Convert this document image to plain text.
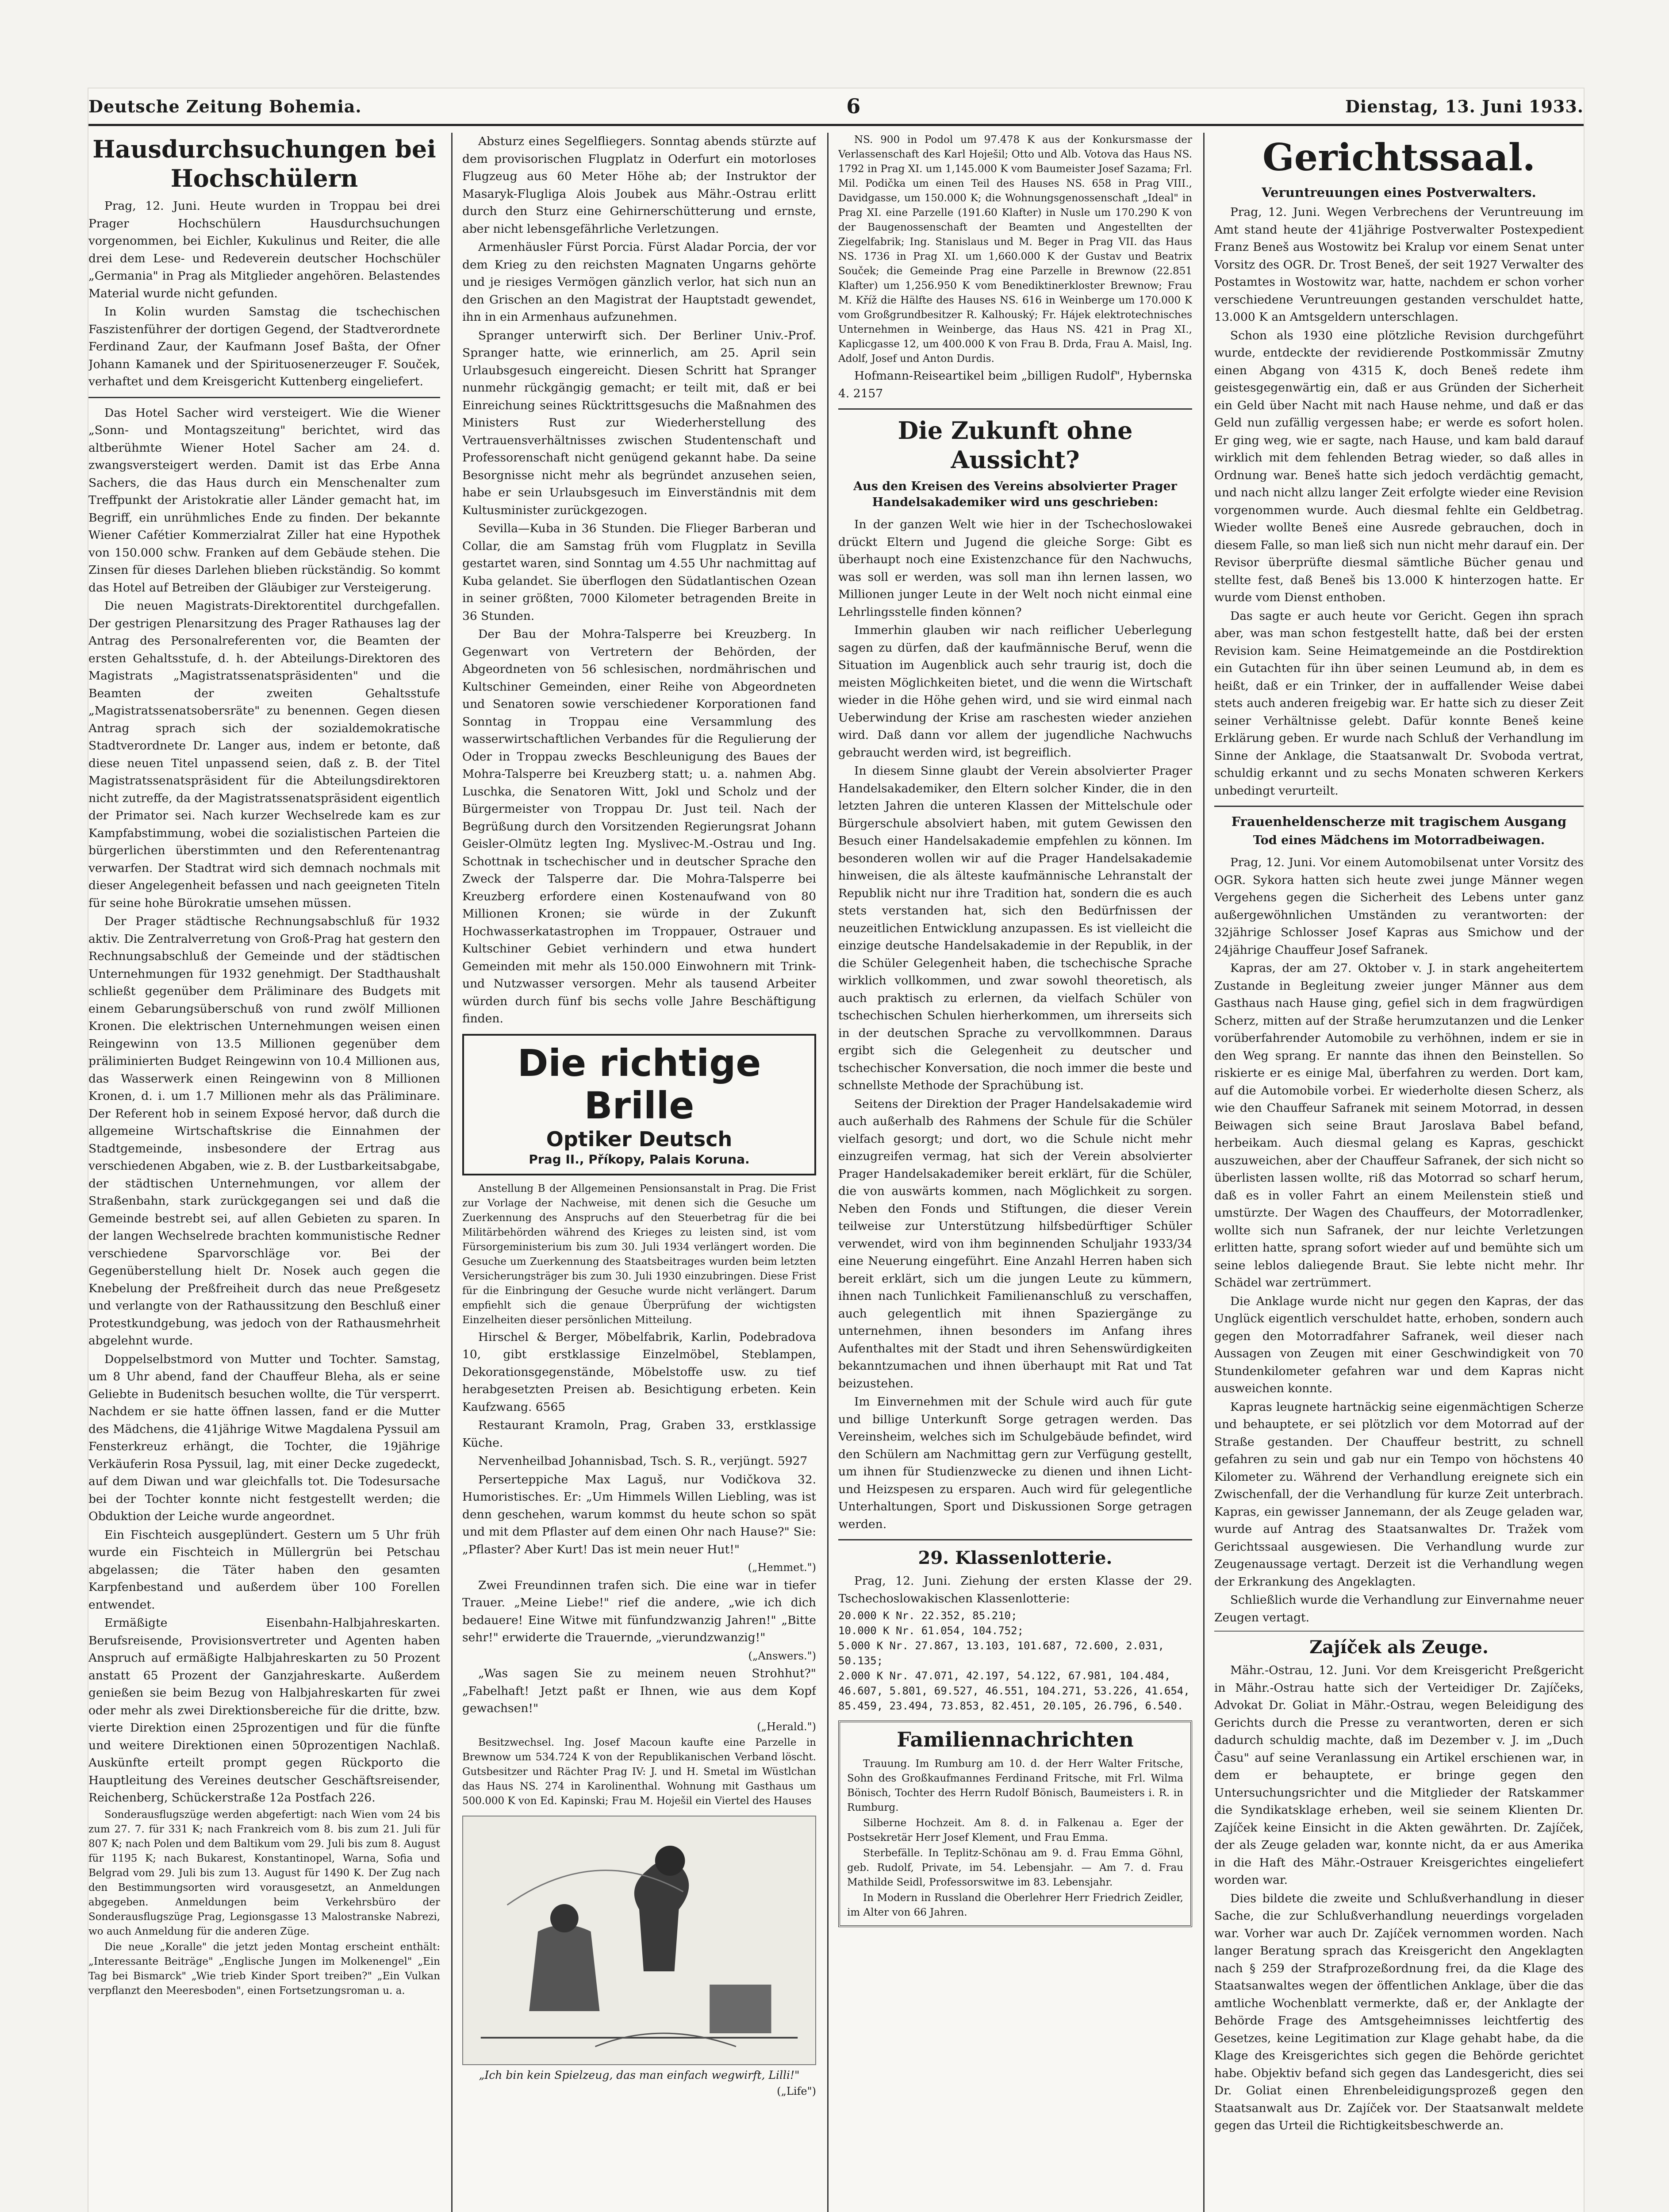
Deutsche Zeitung Bohemia.	6	Dienstag, 13. Juni 1933.
Hausdurchsuchungen bei Hochschülern

Prag, 12. Juni. Heute wurden in Troppau bei drei Prager Hochschülern Hausdurchsuchungen vorgenommen, bei Eichler, Kukulinus und Reiter, die alle drei dem Lese- und Redeverein deutscher Hochschüler „Germania" in Prag als Mitglieder angehören. Belastendes Material wurde nicht gefunden.

In Kolin wurden Samstag die tschechischen Faszistenführer der dortigen Gegend, der Stadtverordnete Ferdinand Zaur, der Kaufmann Josef Bašta, der Ofner Johann Kamanek und der Spirituosenerzeuger F. Souček, verhaftet und dem Kreisgericht Kuttenberg eingeliefert.

Das Hotel Sacher wird versteigert. Wie die Wiener „Sonn- und Montagszeitung" berichtet, wird das altberühmte Wiener Hotel Sacher am 24. d. zwangsversteigert werden. Damit ist das Erbe Anna Sachers, die das Haus durch ein Menschenalter zum Treffpunkt der Aristokratie aller Länder gemacht hat, im Begriff, ein unrühmliches Ende zu finden. Der bekannte Wiener Cafétier Kommerzialrat Ziller hat eine Hypothek von 150.000 schw. Franken auf dem Gebäude stehen. Die Zinsen für dieses Darlehen blieben rückständig. So kommt das Hotel auf Betreiben der Gläubiger zur Versteigerung.

Die neuen Magistrats-Direktorentitel durchgefallen. Der gestrigen Plenarsitzung des Prager Rathauses lag der Antrag des Personalreferenten vor, die Beamten der ersten Gehaltsstufe, d. h. der Abteilungs-Direktoren des Magistrats „Magistratssenatspräsidenten" und die Beamten der zweiten Gehaltsstufe „Magistratssenatsobersräte" zu benennen. Gegen diesen Antrag sprach sich der sozialdemokratische Stadtverordnete Dr. Langer aus, indem er betonte, daß diese neuen Titel unpassend seien, daß z. B. der Titel Magistratssenatspräsident für die Abteilungsdirektoren nicht zutreffe, da der Magistratssenatspräsident eigentlich der Primator sei. Nach kurzer Wechselrede kam es zur Kampfabstimmung, wobei die sozialistischen Parteien die bürgerlichen überstimmten und den Referentenantrag verwarfen. Der Stadtrat wird sich demnach nochmals mit dieser Angelegenheit befassen und nach geeigneten Titeln für seine hohe Bürokratie umsehen müssen.

Der Prager städtische Rechnungsabschluß für 1932 aktiv. Die Zentralverretung von Groß-Prag hat gestern den Rechnungsabschluß der Gemeinde und der städtischen Unternehmungen für 1932 genehmigt. Der Stadthaushalt schließt gegenüber dem Präliminare des Budgets mit einem Gebarungsüberschuß von rund zwölf Millionen Kronen. Die elektrischen Unternehmungen weisen einen Reingewinn von 13.5 Millionen gegenüber dem präliminierten Budget Reingewinn von 10.4 Millionen aus, das Wasserwerk einen Reingewinn von 8 Millionen Kronen, d. i. um 1.7 Millionen mehr als das Präliminare. Der Referent hob in seinem Exposé hervor, daß durch die allgemeine Wirtschaftskrise die Einnahmen der Stadtgemeinde, insbesondere der Ertrag aus verschiedenen Abgaben, wie z. B. der Lustbarkeitsabgabe, der städtischen Unternehmungen, vor allem der Straßenbahn, stark zurückgegangen sei und daß die Gemeinde bestrebt sei, auf allen Gebieten zu sparen. In der langen Wechselrede brachten kommunistische Redner verschiedene Sparvorschläge vor. Bei der Gegenüberstellung hielt Dr. Nosek auch gegen die Knebelung der Preßfreiheit durch das neue Preßgesetz und verlangte von der Rathaussitzung den Beschluß einer Protestkundgebung, was jedoch von der Rathausmehrheit abgelehnt wurde.

Doppelselbstmord von Mutter und Tochter. Samstag, um 8 Uhr abend, fand der Chauffeur Bleha, als er seine Geliebte in Budenitsch besuchen wollte, die Tür versperrt. Nachdem er sie hatte öffnen lassen, fand er die Mutter des Mädchens, die 41jährige Witwe Magdalena Pyssuil am Fensterkreuz erhängt, die Tochter, die 19jährige Verkäuferin Rosa Pyssuil, lag, mit einer Decke zugedeckt, auf dem Diwan und war gleichfalls tot. Die Todesursache bei der Tochter konnte nicht festgestellt werden; die Obduktion der Leiche wurde angeordnet.

Ein Fischteich ausgeplündert. Gestern um 5 Uhr früh wurde ein Fischteich in Müllergrün bei Petschau abgelassen; die Täter haben den gesamten Karpfenbestand und außerdem über 100 Forellen entwendet.

Ermäßigte Eisenbahn-Halbjahreskarten. Berufsreisende, Provisionsvertreter und Agenten haben Anspruch auf ermäßigte Halbjahreskarten zu 50 Prozent anstatt 65 Prozent der Ganzjahreskarte. Außerdem genießen sie beim Bezug von Halbjahreskarten für zwei oder mehr als zwei Direktionsbereiche für die dritte, bzw. vierte Direktion einen 25prozentigen und für die fünfte und weitere Direktionen einen 50prozentigen Nachlaß. Auskünfte erteilt prompt gegen Rückporto die Hauptleitung des Vereines deutscher Geschäftsreisender, Reichenberg, Schückerstraße 12a Postfach 226.

Sonderausflugszüge werden abgefertigt: nach Wien vom 24 bis zum 27. 7. für 331 K; nach Frankreich vom 8. bis zum 21. Juli für 807 K; nach Polen und dem Baltikum vom 29. Juli bis zum 8. August für 1195 K; nach Bukarest, Konstantinopel, Warna, Sofia und Belgrad vom 29. Juli bis zum 13. August für 1490 K. Der Zug nach den Bestimmungsorten wird vorausgesetzt, an Anmeldungen abgegeben. Anmeldungen beim Verkehrsbüro der Sonderausflugszüge Prag, Legionsgasse 13 Malostranske Nabrezi, wo auch Anmeldung für die anderen Züge.

Die neue „Koralle" die jetzt jeden Montag erscheint enthält: „Interessante Beiträge" „Englische Jungen im Molkenengel" „Ein Tag bei Bismarck" „Wie trieb Kinder Sport treiben?" „Ein Vulkan verpflanzt den Meeresboden", einen Fortsetzungsroman u. a.

Absturz eines Segelfliegers. Sonntag abends stürzte auf dem provisorischen Flugplatz in Oderfurt ein motorloses Flugzeug aus 60 Meter Höhe ab; der Instruktor der Masaryk-Flugliga Alois Joubek aus Mähr.-Ostrau erlitt durch den Sturz eine Gehirnerschütterung und ernste, aber nicht lebensgefährliche Verletzungen.

Armenhäusler Fürst Porcia. Fürst Aladar Porcia, der vor dem Krieg zu den reichsten Magnaten Ungarns gehörte und je riesiges Vermögen gänzlich verlor, hat sich nun an den Grischen an den Magistrat der Hauptstadt gewendet, ihn in ein Armenhaus aufzunehmen.

Spranger unterwirft sich. Der Berliner Univ.-Prof. Spranger hatte, wie erinnerlich, am 25. April sein Urlaubsgesuch eingereicht. Diesen Schritt hat Spranger nunmehr rückgängig gemacht; er teilt mit, daß er bei Einreichung seines Rücktrittsgesuchs die Maßnahmen des Ministers Rust zur Wiederherstellung des Vertrauensverhältnisses zwischen Studentenschaft und Professorenschaft nicht genügend gekannt habe. Da seine Besorgnisse nicht mehr als begründet anzusehen seien, habe er sein Urlaubsgesuch im Einverständnis mit dem Kultusminister zurückgezogen.

Sevilla—Kuba in 36 Stunden. Die Flieger Barberan und Collar, die am Samstag früh vom Flugplatz in Sevilla gestartet waren, sind Sonntag um 4.55 Uhr nachmittag auf Kuba gelandet. Sie überflogen den Südatlantischen Ozean in seiner größten, 7000 Kilometer betragenden Breite in 36 Stunden.

Der Bau der Mohra-Talsperre bei Kreuzberg. In Gegenwart von Vertretern der Behörden, der Abgeordneten von 56 schlesischen, nordmährischen und Kultschiner Gemeinden, einer Reihe von Abgeordneten und Senatoren sowie verschiedener Korporationen fand Sonntag in Troppau eine Versammlung des wasserwirtschaftlichen Verbandes für die Regulierung der Oder in Troppau zwecks Beschleunigung des Baues der Mohra-Talsperre bei Kreuzberg statt; u. a. nahmen Abg. Luschka, die Senatoren Witt, Jokl und Scholz und der Bürgermeister von Troppau Dr. Just teil. Nach der Begrüßung durch den Vorsitzenden Regierungsrat Johann Geisler-Olmütz legten Ing. Myslivec-M.-Ostrau und Ing. Schottnak in tschechischer und in deutscher Sprache den Zweck der Talsperre dar. Die Mohra-Talsperre bei Kreuzberg erfordere einen Kostenaufwand von 80 Millionen Kronen; sie würde in der Zukunft Hochwasserkatastrophen im Troppauer, Ostrauer und Kultschiner Gebiet verhindern und etwa hundert Gemeinden mit mehr als 150.000 Einwohnern mit Trink- und Nutzwasser versorgen. Mehr als tausend Arbeiter würden durch fünf bis sechs volle Jahre Beschäftigung finden.

Die richtige Brille
Optiker Deutsch
Prag II., Příkopy, Palais Koruna.

Anstellung B der Allgemeinen Pensionsanstalt in Prag. Die Frist zur Vorlage der Nachweise, mit denen sich die Gesuche um Zuerkennung des Anspruchs auf den Steuerbetrag für die bei Militärbehörden während des Krieges zu leisten sind, ist vom Fürsorgeministerium bis zum 30. Juli 1934 verlängert worden. Die Gesuche um Zuerkennung des Staatsbeitrages wurden beim letzten Versicherungsträger bis zum 30. Juli 1930 einzubringen. Diese Frist für die Einbringung der Gesuche wurde nicht verlängert. Darum empfiehlt sich die genaue Überprüfung der wichtigsten Einzelheiten dieser persönlichen Mitteilung.

Hirschel & Berger, Möbelfabrik, Karlin, Podebradova 10, gibt erstklassige Einzelmöbel, Steblampen, Dekorationsgegenstände, Möbelstoffe usw. zu tief herabgesetzten Preisen ab. Besichtigung erbeten. Kein Kaufzwang. 6565

Restaurant Kramoln, Prag, Graben 33, erstklassige Küche.

Nervenheilbad Johannisbad, Tsch. S. R., verjüngt. 5927

Perserteppiche Max Laguš, nur Vodičkova 32. Humoristisches. Er: „Um Himmels Willen Liebling, was ist denn geschehen, warum kommst du heute schon so spät und mit dem Pflaster auf dem einen Ohr nach Hause?" Sie: „Pflaster? Aber Kurt! Das ist mein neuer Hut!"

(„Hemmet.")

Zwei Freundinnen trafen sich. Die eine war in tiefer Trauer. „Meine Liebe!" rief die andere, „wie ich dich bedauere! Eine Witwe mit fünfundzwanzig Jahren!" „Bitte sehr!" erwiderte die Trauernde, „vierundzwanzig!"

(„Answers.")

„Was sagen Sie zu meinem neuen Strohhut?" „Fabelhaft! Jetzt paßt er Ihnen, wie aus dem Kopf gewachsen!"

(„Herald.")

Besitzwechsel. Ing. Josef Macoun kaufte eine Parzelle in Brewnow um 534.724 K von der Republikanischen Verband löscht. Gutsbesitzer und Rächter Prag IV: J. und H. Smetal im Wüstlchan das Haus NS. 274 in Karolinenthal. Wohnung mit Gasthaus um 500.000 K von Ed. Kapinski; Frau M. Hoješil ein Viertel des Hauses

„Ich bin kein Spielzeug, das man einfach wegwirft, Lilli!"
(„Life")

NS. 900 in Podol um 97.478 K aus der Konkursmasse der Verlassenschaft des Karl Hoješil; Otto und Alb. Votova das Haus NS. 1792 in Prag XI. um 1,145.000 K vom Baumeister Josef Sazama; Frl. Mil. Podička um einen Teil des Hauses NS. 658 in Prag VIII., Davidgasse, um 150.000 K; die Wohnungsgenossenschaft „Ideal" in Prag XI. eine Parzelle (191.60 Klafter) in Nusle um 170.290 K von der Baugenossenschaft der Beamten und Angestellten der Ziegelfabrik; Ing. Stanislaus und M. Beger in Prag VII. das Haus NS. 1736 in Prag XI. um 1,660.000 K der Gustav und Beatrix Souček; die Gemeinde Prag eine Parzelle in Brewnow (22.851 Klafter) um 1,256.950 K vom Benediktinerkloster Brewnow; Frau M. Kříž die Hälfte des Hauses NS. 616 in Weinberge um 170.000 K vom Großgrundbesitzer R. Kalhouský; Fr. Hájek elektrotechnisches Unternehmen in Weinberge, das Haus NS. 421 in Prag XI., Kaplicgasse 12, um 400.000 K von Frau B. Drda, Frau A. Maisl, Ing. Adolf, Josef und Anton Durdis.

Hofmann-Reiseartikel beim „billigen Rudolf", Hybernska 4. 2157

Die Zukunft ohne Aussicht?
Aus den Kreisen des Vereins absolvierter Prager Handelsakademiker wird uns geschrieben:

In der ganzen Welt wie hier in der Tschechoslowakei drückt Eltern und Jugend die gleiche Sorge: Gibt es überhaupt noch eine Existenzchance für den Nachwuchs, was soll er werden, was soll man ihn lernen lassen, wo Millionen junger Leute in der Welt noch nicht einmal eine Lehrlingsstelle finden können?

Immerhin glauben wir nach reiflicher Ueberlegung sagen zu dürfen, daß der kaufmännische Beruf, wenn die Situation im Augenblick auch sehr traurig ist, doch die meisten Möglichkeiten bietet, und die wenn die Wirtschaft wieder in die Höhe gehen wird, und sie wird einmal nach Ueberwindung der Krise am raschesten wieder anziehen wird. Daß dann vor allem der jugendliche Nachwuchs gebraucht werden wird, ist begreiflich.

In diesem Sinne glaubt der Verein absolvierter Prager Handelsakademiker, den Eltern solcher Kinder, die in den letzten Jahren die unteren Klassen der Mittelschule oder Bürgerschule absolviert haben, mit gutem Gewissen den Besuch einer Handelsakademie empfehlen zu können. Im besonderen wollen wir auf die Prager Handelsakademie hinweisen, die als älteste kaufmännische Lehranstalt der Republik nicht nur ihre Tradition hat, sondern die es auch stets verstanden hat, sich den Bedürfnissen der neuzeitlichen Entwicklung anzupassen. Es ist vielleicht die einzige deutsche Handelsakademie in der Republik, in der die Schüler Gelegenheit haben, die tschechische Sprache wirklich vollkommen, und zwar sowohl theoretisch, als auch praktisch zu erlernen, da vielfach Schüler von tschechischen Schulen hierherkommen, um ihrerseits sich in der deutschen Sprache zu vervollkommnen. Daraus ergibt sich die Gelegenheit zu deutscher und tschechischer Konversation, die noch immer die beste und schnellste Methode der Sprachübung ist.

Seitens der Direktion der Prager Handelsakademie wird auch außerhalb des Rahmens der Schule für die Schüler vielfach gesorgt; und dort, wo die Schule nicht mehr einzugreifen vermag, hat sich der Verein absolvierter Prager Handelsakademiker bereit erklärt, für die Schüler, die von auswärts kommen, nach Möglichkeit zu sorgen. Neben den Fonds und Stiftungen, die dieser Verein teilweise zur Unterstützung hilfsbedürftiger Schüler verwendet, wird von ihm beginnenden Schuljahr 1933/34 eine Neuerung eingeführt. Eine Anzahl Herren haben sich bereit erklärt, sich um die jungen Leute zu kümmern, ihnen nach Tunlichkeit Familienanschluß zu verschaffen, auch gelegentlich mit ihnen Spaziergänge zu unternehmen, ihnen besonders im Anfang ihres Aufenthaltes mit der Stadt und ihren Sehenswürdigkeiten bekanntzumachen und ihnen überhaupt mit Rat und Tat beizustehen.

Im Einvernehmen mit der Schule wird auch für gute und billige Unterkunft Sorge getragen werden. Das Vereinsheim, welches sich im Schulgebäude befindet, wird den Schülern am Nachmittag gern zur Verfügung gestellt, um ihnen für Studienzwecke zu dienen und ihnen Licht- und Heizspesen zu ersparen. Auch wird für gelegentliche Unterhaltungen, Sport und Diskussionen Sorge getragen werden.

29. Klassenlotterie.

Prag, 12. Juni. Ziehung der ersten Klasse der 29. Tschechoslowakischen Klassenlotterie:

20.000 K Nr. 22.352, 85.210;
10.000 K Nr. 61.054, 104.752;
5.000 K Nr. 27.867, 13.103, 101.687, 72.600, 2.031, 50.135;
2.000 K Nr. 47.071, 42.197, 54.122, 67.981, 104.484, 46.607, 5.801, 69.527, 46.551, 104.271, 53.226, 41.654, 85.459, 23.494, 73.853, 82.451, 20.105, 26.796, 6.540.
Familiennachrichten

Trauung. Im Rumburg am 10. d. der Herr Walter Fritsche, Sohn des Großkaufmannes Ferdinand Fritsche, mit Frl. Wilma Bönisch, Tochter des Herrn Rudolf Bönisch, Baumeisters i. R. in Rumburg.

Silberne Hochzeit. Am 8. d. in Falkenau a. Eger der Postsekretär Herr Josef Klement, und Frau Emma.

Sterbefälle. In Teplitz-Schönau am 9. d. Frau Emma Göhnl, geb. Rudolf, Private, im 54. Lebensjahr. — Am 7. d. Frau Mathilde Seidl, Professorswitwe im 83. Lebensjahr.

In Modern in Russland die Oberlehrer Herr Friedrich Zeidler, im Alter von 66 Jahren.

Gerichtssaal.
Veruntreuungen eines Postverwalters.

Prag, 12. Juni. Wegen Verbrechens der Veruntreuung im Amt stand heute der 41jährige Postverwalter Postexpedient Franz Beneš aus Wostowitz bei Kralup vor einem Senat unter Vorsitz des OGR. Dr. Trost Beneš, der seit 1927 Verwalter des Postamtes in Wostowitz war, hatte, nachdem er schon vorher verschiedene Veruntreuungen gestanden verschuldet hatte, 13.000 K an Amtsgeldern unterschlagen.

Schon als 1930 eine plötzliche Revision durchgeführt wurde, entdeckte der revidierende Postkommissär Zmutny einen Abgang von 4315 K, doch Beneš redete ihm geistesgegenwärtig ein, daß er aus Gründen der Sicherheit ein Geld über Nacht mit nach Hause nehme, und daß er das Geld nun zufällig vergessen habe; er werde es sofort holen. Er ging weg, wie er sagte, nach Hause, und kam bald darauf wirklich mit dem fehlenden Betrag wieder, so daß alles in Ordnung war. Beneš hatte sich jedoch verdächtig gemacht, und nach nicht allzu langer Zeit erfolgte wieder eine Revision vorgenommen wurde. Auch diesmal fehlte ein Geldbetrag. Wieder wollte Beneš eine Ausrede gebrauchen, doch in diesem Falle, so man ließ sich nun nicht mehr darauf ein. Der Revisor überprüfte diesmal sämtliche Bücher genau und stellte fest, daß Beneš bis 13.000 K hinterzogen hatte. Er wurde vom Dienst enthoben.

Das sagte er auch heute vor Gericht. Gegen ihn sprach aber, was man schon festgestellt hatte, daß bei der ersten Revision kam. Seine Heimatgemeinde an die Postdirektion ein Gutachten für ihn über seinen Leumund ab, in dem es heißt, daß er ein Trinker, der in auffallender Weise dabei stets auch anderen freigebig war. Er hatte sich zu dieser Zeit seiner Verhältnisse gelebt. Dafür konnte Beneš keine Erklärung geben. Er wurde nach Schluß der Verhandlung im Sinne der Anklage, die Staatsanwalt Dr. Svoboda vertrat, schuldig erkannt und zu sechs Monaten schweren Kerkers unbedingt verurteilt.

Frauenheldenscherze mit tragischem Ausgang
Tod eines Mädchens im Motorradbeiwagen.

Prag, 12. Juni. Vor einem Automobilsenat unter Vorsitz des OGR. Sykora hatten sich heute zwei junge Männer wegen Vergehens gegen die Sicherheit des Lebens unter ganz außergewöhnlichen Umständen zu verantworten: der 32jährige Schlosser Josef Kapras aus Smichow und der 24jährige Chauffeur Josef Safranek.

Kapras, der am 27. Oktober v. J. in stark angeheitertem Zustande in Begleitung zweier junger Männer aus dem Gasthaus nach Hause ging, gefiel sich in dem fragwürdigen Scherz, mitten auf der Straße herumzutanzen und die Lenker vorüberfahrender Automobile zu verhöhnen, indem er sie in den Weg sprang. Er nannte das ihnen den Beinstellen. So riskierte er es einige Mal, überfahren zu werden. Dort kam, auf die Automobile vorbei. Er wiederholte diesen Scherz, als wie den Chauffeur Safranek mit seinem Motorrad, in dessen Beiwagen sich seine Braut Jaroslava Babel befand, herbeikam. Auch diesmal gelang es Kapras, geschickt auszuweichen, aber der Chauffeur Safranek, der sich nicht so überlisten lassen wollte, riß das Motorrad so scharf herum, daß es in voller Fahrt an einem Meilenstein stieß und umstürzte. Der Wagen des Chauffeurs, der Motorradlenker, wollte sich nun Safranek, der nur leichte Verletzungen erlitten hatte, sprang sofort wieder auf und bemühte sich um seine leblos daliegende Braut. Sie lebte nicht mehr. Ihr Schädel war zertrümmert.

Die Anklage wurde nicht nur gegen den Kapras, der das Unglück eigentlich verschuldet hatte, erhoben, sondern auch gegen den Motorradfahrer Safranek, weil dieser nach Aussagen von Zeugen mit einer Geschwindigkeit von 70 Stundenkilometer gefahren war und dem Kapras nicht ausweichen konnte.

Kapras leugnete hartnäckig seine eigenmächtigen Scherze und behauptete, er sei plötzlich vor dem Motorrad auf der Straße gestanden. Der Chauffeur bestritt, zu schnell gefahren zu sein und gab nur ein Tempo von höchstens 40 Kilometer zu. Während der Verhandlung ereignete sich ein Zwischenfall, der die Verhandlung für kurze Zeit unterbrach. Kapras, ein gewisser Jannemann, der als Zeuge geladen war, wurde auf Antrag des Staatsanwaltes Dr. Tražek vom Gerichtssaal ausgewiesen. Die Verhandlung wurde zur Zeugenaussage vertagt. Derzeit ist die Verhandlung wegen der Erkrankung des Angeklagten.

Schließlich wurde die Verhandlung zur Einvernahme neuer Zeugen vertagt.

Zajíček als Zeuge.

Mähr.-Ostrau, 12. Juni. Vor dem Kreisgericht Preßgericht in Mähr.-Ostrau hatte sich der Verteidiger Dr. Zajíčeks, Advokat Dr. Goliat in Mähr.-Ostrau, wegen Beleidigung des Gerichts durch die Presse zu verantworten, deren er sich dadurch schuldig machte, daß im Dezember v. J. im „Duch Času" auf seine Veranlassung ein Artikel erschienen war, in dem er behauptete, er bringe gegen den Untersuchungsrichter und die Mitglieder der Ratskammer die Syndikatsklage erheben, weil sie seinem Klienten Dr. Zajíček keine Einsicht in die Akten gewährten. Dr. Zajíček, der als Zeuge geladen war, konnte nicht, da er aus Amerika in die Haft des Mähr.-Ostrauer Kreisgerichtes eingeliefert worden war.

Dies bildete die zweite und Schlußverhandlung in dieser Sache, die zur Schlußverhandlung neuerdings vorgeladen war. Vorher war auch Dr. Zajíček vernommen worden. Nach langer Beratung sprach das Kreisgericht den Angeklagten nach § 259 der Strafprozeßordnung frei, da die Klage des Staatsanwaltes wegen der öffentlichen Anklage, über die das amtliche Wochenblatt vermerkte, daß er, der Anklagte der Behörde Frage des Amtsgeheimnisses leichtfertig des Gesetzes, keine Legitimation zur Klage gehabt habe, da die Klage des Kreisgerichtes sich gegen die Behörde gerichtet habe. Objektiv befand sich gegen das Landesgericht, dies sei Dr. Goliat einen Ehrenbeleidigungsprozeß gegen den Staatsanwalt aus Dr. Zajíček vor. Der Staatsanwalt meldete gegen das Urteil die Richtigkeitsbeschwerde an.
